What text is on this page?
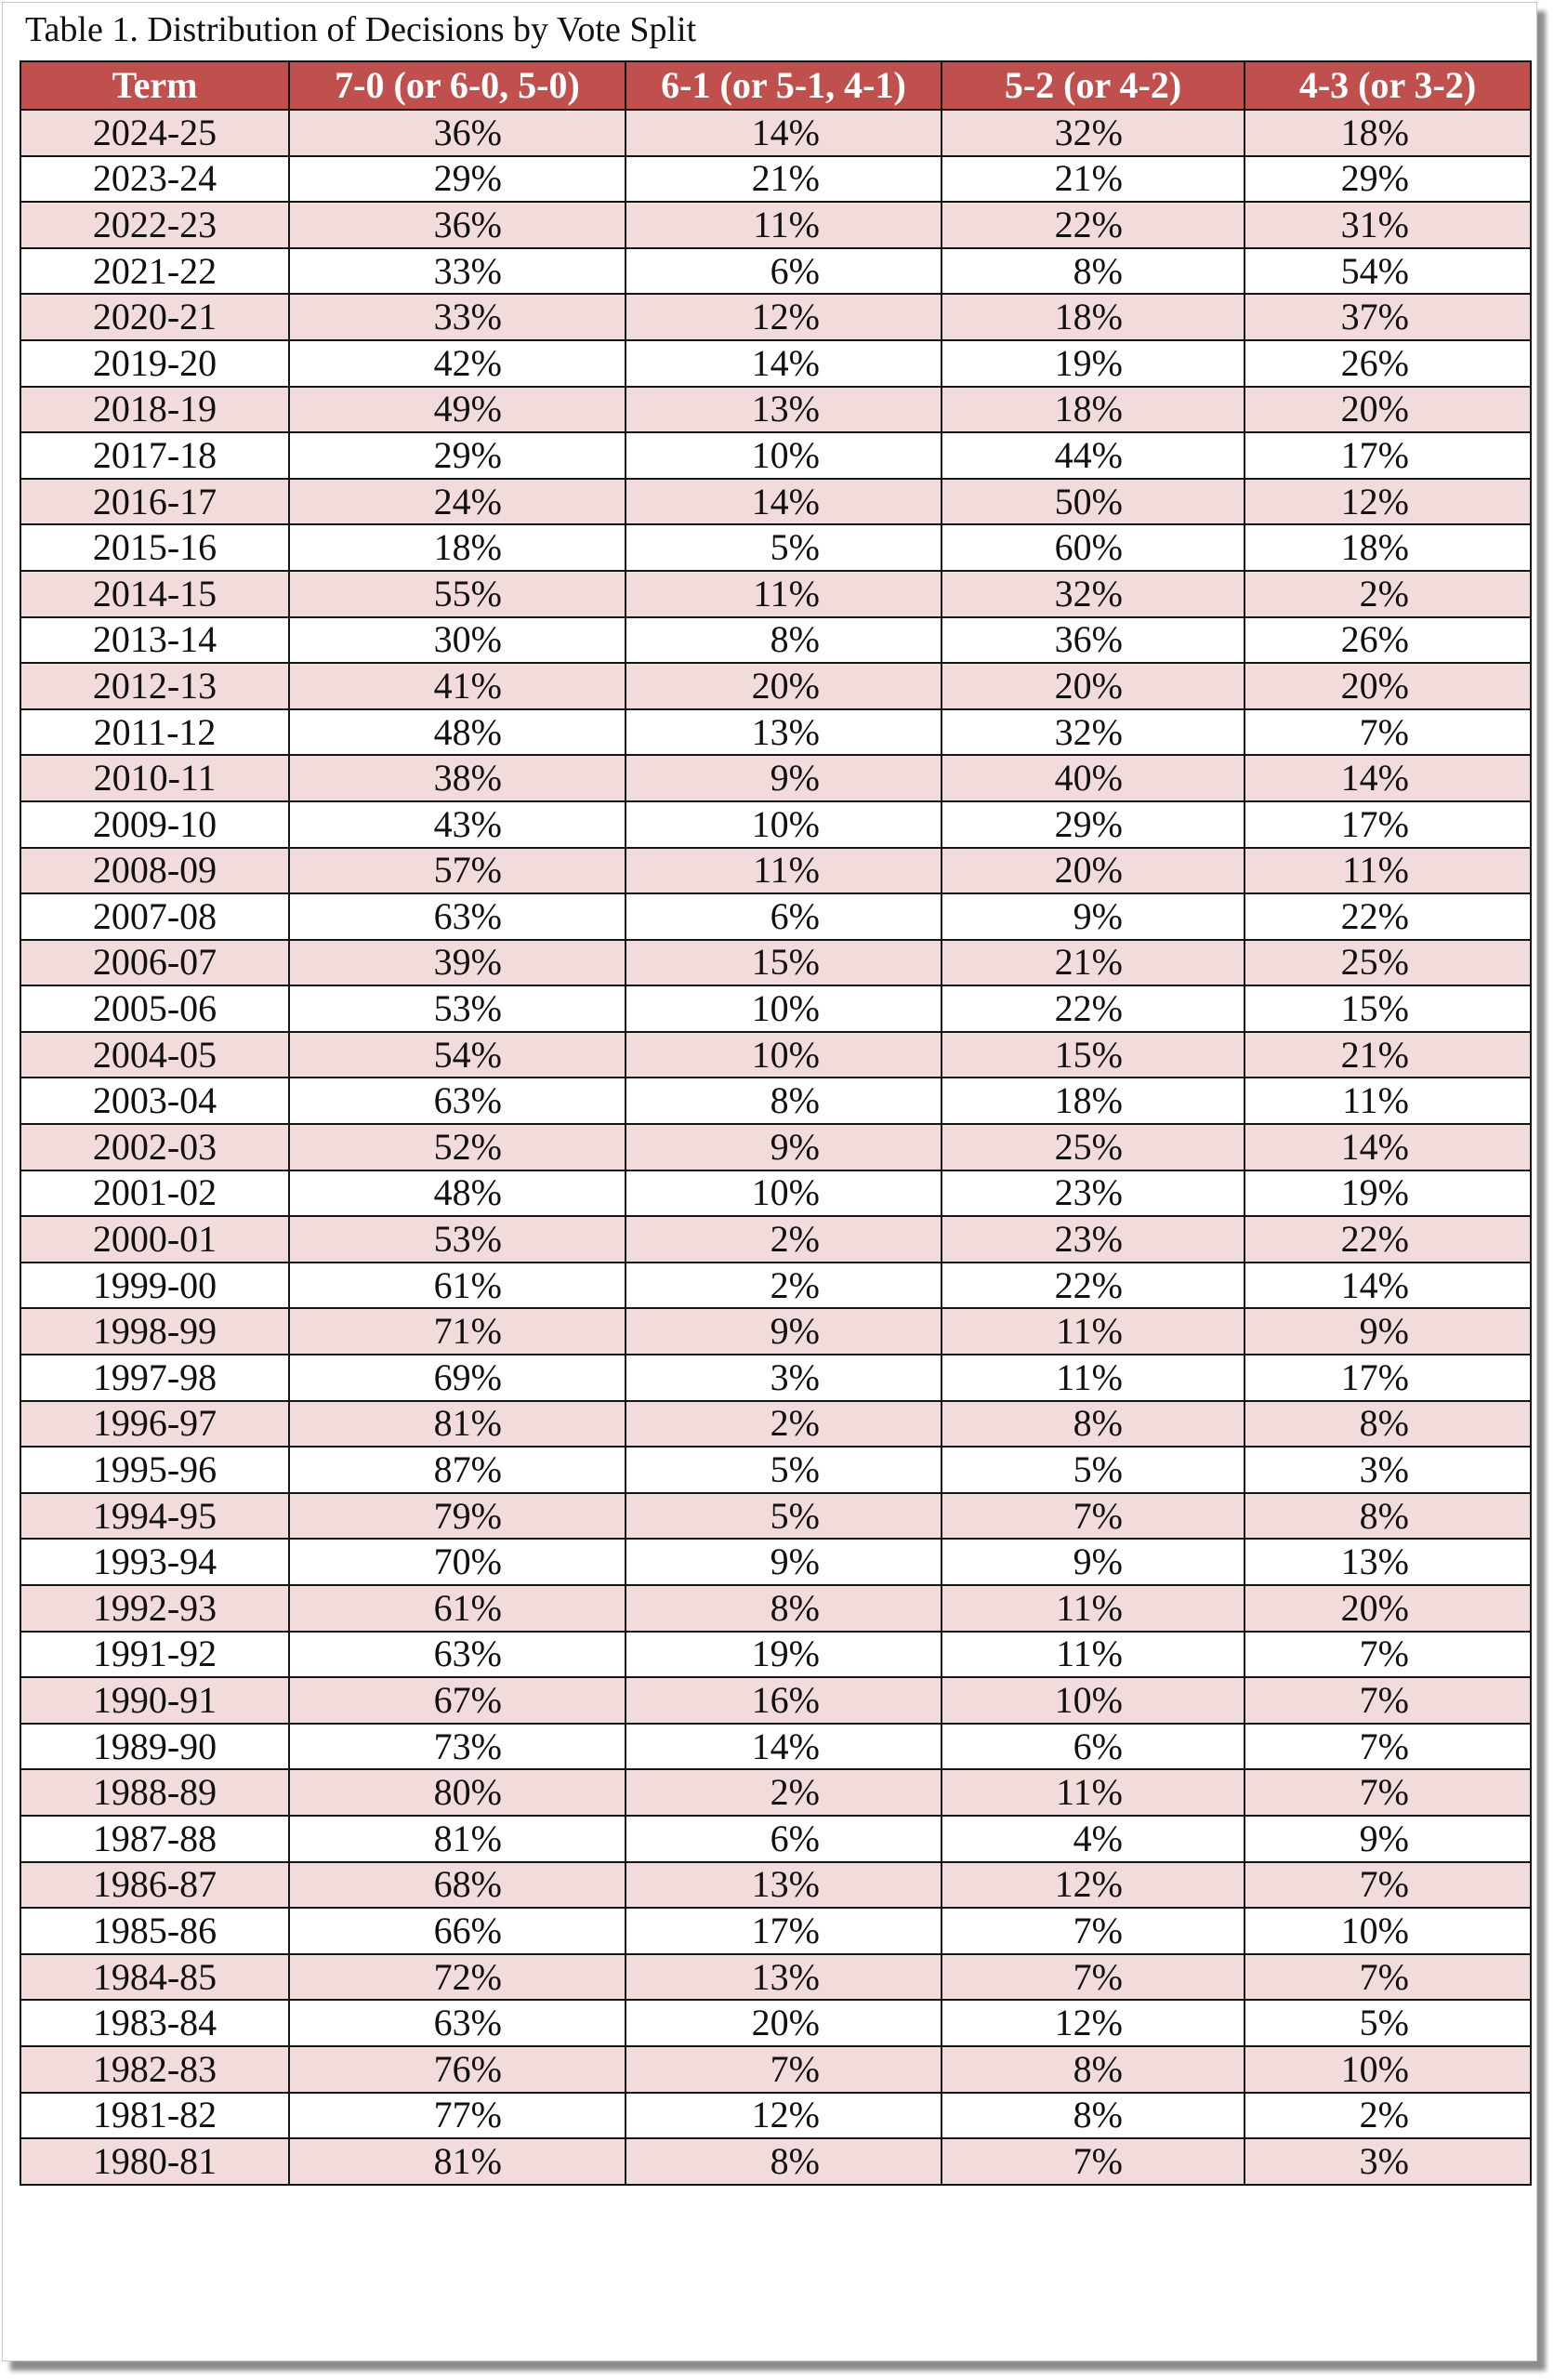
Table 1. Distribution of Decisions by Vote Split
Term	7-0 (or 6-0, 5-0)	6-1 (or 5-1, 4-1)	5-2 (or 4-2)	4-3 (or 3-2)
2024-25	36%	14%	32%	18%
2023-24	29%	21%	21%	29%
2022-23	36%	11%	22%	31%
2021-22	33%	6%	8%	54%
2020-21	33%	12%	18%	37%
2019-20	42%	14%	19%	26%
2018-19	49%	13%	18%	20%
2017-18	29%	10%	44%	17%
2016-17	24%	14%	50%	12%
2015-16	18%	5%	60%	18%
2014-15	55%	11%	32%	2%
2013-14	30%	8%	36%	26%
2012-13	41%	20%	20%	20%
2011-12	48%	13%	32%	7%
2010-11	38%	9%	40%	14%
2009-10	43%	10%	29%	17%
2008-09	57%	11%	20%	11%
2007-08	63%	6%	9%	22%
2006-07	39%	15%	21%	25%
2005-06	53%	10%	22%	15%
2004-05	54%	10%	15%	21%
2003-04	63%	8%	18%	11%
2002-03	52%	9%	25%	14%
2001-02	48%	10%	23%	19%
2000-01	53%	2%	23%	22%
1999-00	61%	2%	22%	14%
1998-99	71%	9%	11%	9%
1997-98	69%	3%	11%	17%
1996-97	81%	2%	8%	8%
1995-96	87%	5%	5%	3%
1994-95	79%	5%	7%	8%
1993-94	70%	9%	9%	13%
1992-93	61%	8%	11%	20%
1991-92	63%	19%	11%	7%
1990-91	67%	16%	10%	7%
1989-90	73%	14%	6%	7%
1988-89	80%	2%	11%	7%
1987-88	81%	6%	4%	9%
1986-87	68%	13%	12%	7%
1985-86	66%	17%	7%	10%
1984-85	72%	13%	7%	7%
1983-84	63%	20%	12%	5%
1982-83	76%	7%	8%	10%
1981-82	77%	12%	8%	2%
1980-81	81%	8%	7%	3%
